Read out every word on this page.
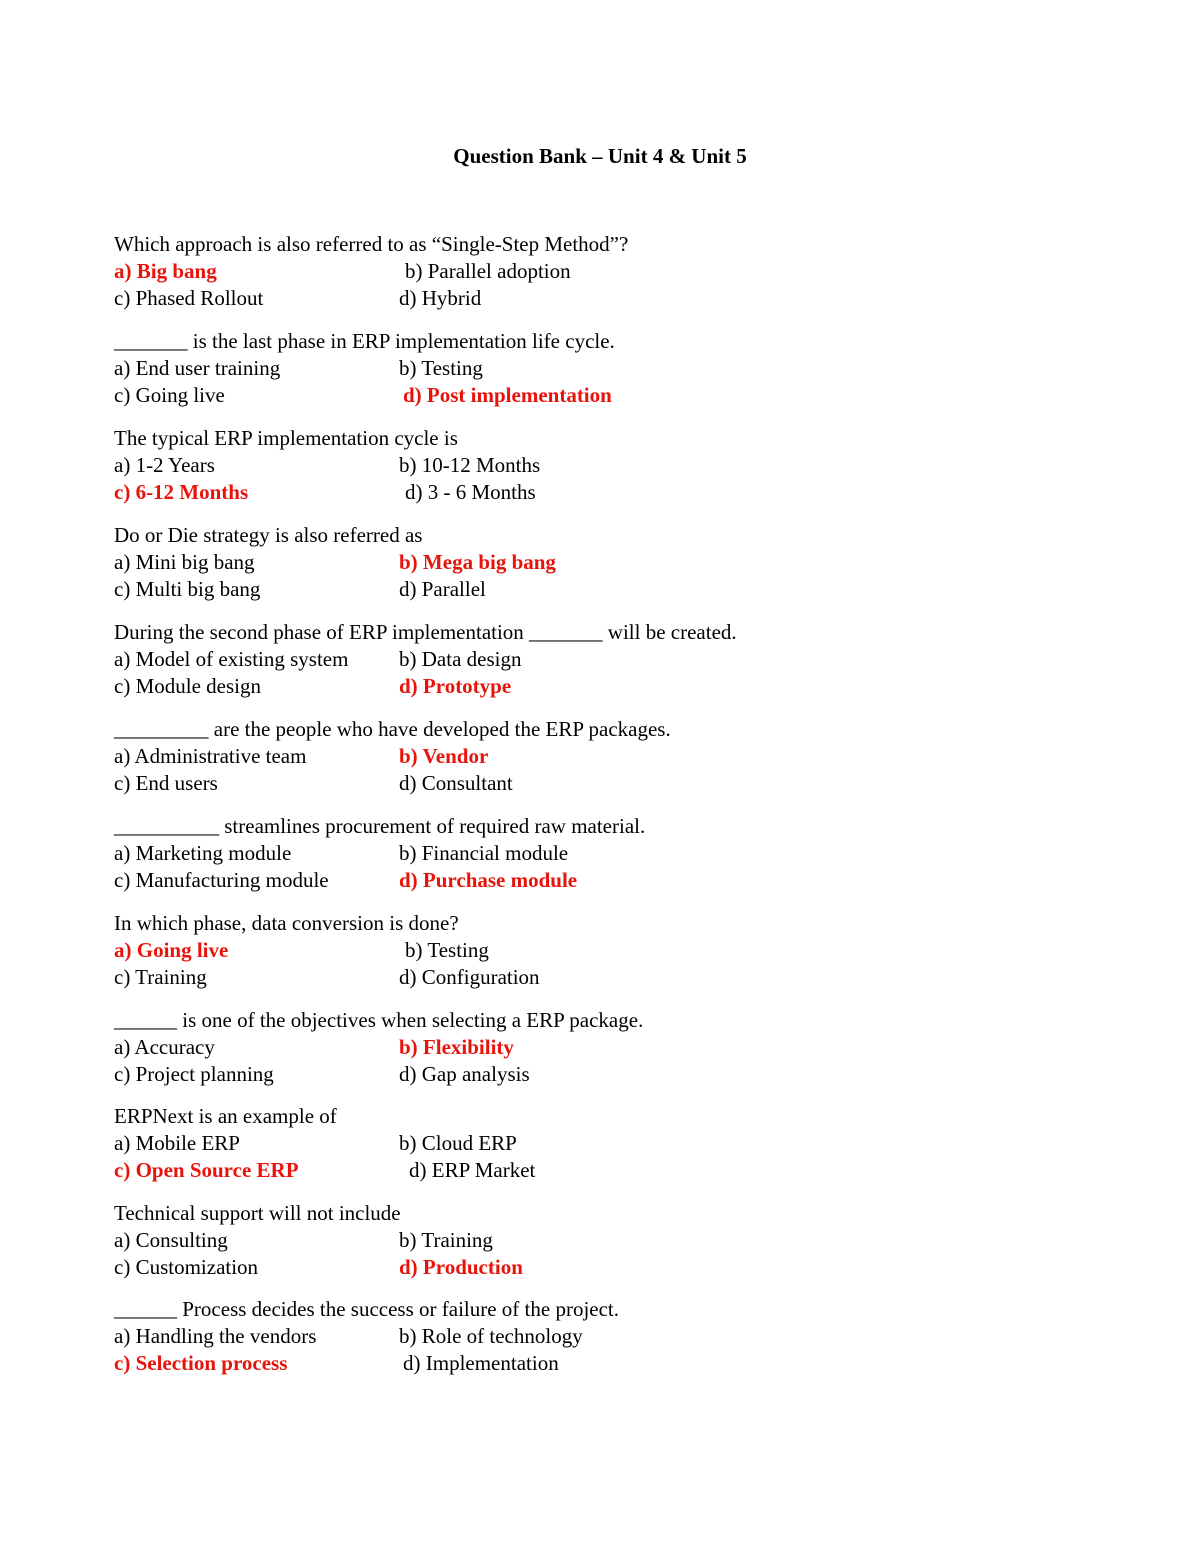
Question Bank – Unit 4 & Unit 5
Which approach is also referred to as “Single-Step Method”?
a) Big bang	b) Parallel adoption
c) Phased Rollout	d) Hybrid
_______ is the last phase in ERP implementation life cycle.
a) End user training	b) Testing
c) Going live	d) Post implementation
The typical ERP implementation cycle is
a) 1-2 Years	b) 10-12 Months
c) 6-12 Months	d) 3 - 6 Months
Do or Die strategy is also referred as
a) Mini big bang	b) Mega big bang
c) Multi big bang	d) Parallel
During the second phase of ERP implementation _______ will be created.
a) Model of existing system b) Data design
c) Module design	d) Prototype
_________ are the people who have developed the ERP packages.
a) Administrative team	b) Vendor
c) End users	d) Consultant
__________ streamlines procurement of required raw material.
a) Marketing module	b) Financial module
c) Manufacturing module	d) Purchase module
In which phase, data conversion is done?
a) Going live	b) Testing
c) Training	d) Configuration
______ is one of the objectives when selecting a ERP package.
a) Accuracy	b) Flexibility
c) Project planning	d) Gap analysis
ERPNext is an example of
a) Mobile ERP	b) Cloud ERP
c) Open Source ERP	d) ERP Market
Technical support will not include
a) Consulting	b) Training
c) Customization	d) Production
______ Process decides the success or failure of the project.
a) Handling the vendors	b) Role of technology
c) Selection process	d) Implementation
